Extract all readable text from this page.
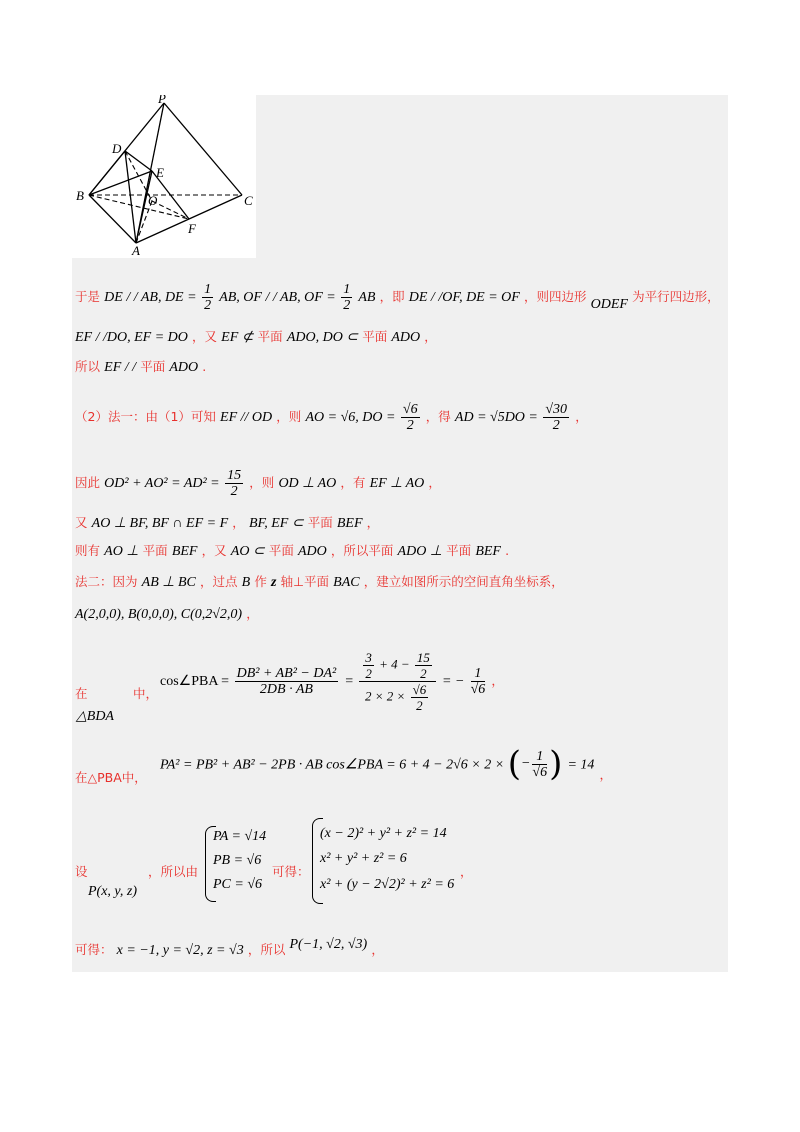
P
D
E
B	O	C
F
A
于是 DE / / AB, DE = $\frac{1}{2}$ AB, OF / / AB, OF = $\frac{1}{2}$ AB ，即 DE / /OF, DE = OF ，则四边形 ODEF 为平行四边形，
EF / /DO, EF = DO ，又 EF ⊄ 平面 ADO, DO ⊂ 平面 ADO ，
所以 EF / / 平面 ADO .
（2）法一：由（1）可知 EF // OD ，则 AO = √6, DO = $\frac{√6}{2}$ ，得 AD = $√5DO = \frac{√30}{2}$ ，
因此 $OD^2 + AO^2 = AD^2 = \frac{15}{2}$ ，则 OD ⊥ AO ，有 EF ⊥ AO ，
又 AO ⊥ BF, BF ∩ EF = F ， BF, EF ⊂ 平面 BEF ，
则有 AO ⊥ 平面 BEF ，又 AO ⊂ 平面 ADO ，所以平面 ADO ⊥ 平面 BEF .
法二：因为 AB ⊥ BC ，过点 B 作 z 轴⊥平面 BAC ，建立如图所示的空间直角坐标系，
A(2,0,0), B(0,0,0), C(0,2√2,0) ，
在	中，
△BDA
cos∠PBA = $\frac{\text{DB² + AB² − DA²}}{2DB \cdot AB} = \frac{\frac{3}{2} + 4 - \frac{15}{2}}{2 \times 2 \times \frac{√6}{2}}$ = − $\frac{1}{√6}$ ，
在△PBA中，
PA² = PB² + AB² − 2PB · AB cos∠PBA = 6 + 4 − 2√6 × 2 × (− $\frac{1}{√6}$ ) = 14 $_,$
设
P(x, y, z)
，所以由
PA = √14
PB = √6
PC = √6
可得：
(x − 2)² + y² + z² = 14
x² + y² + z² = 6
x² + (y − 2√2)² + z² = 6
，
可得： x = −1, y = √2, z = √3 ，所以 P(−1, √2, √3) ，
